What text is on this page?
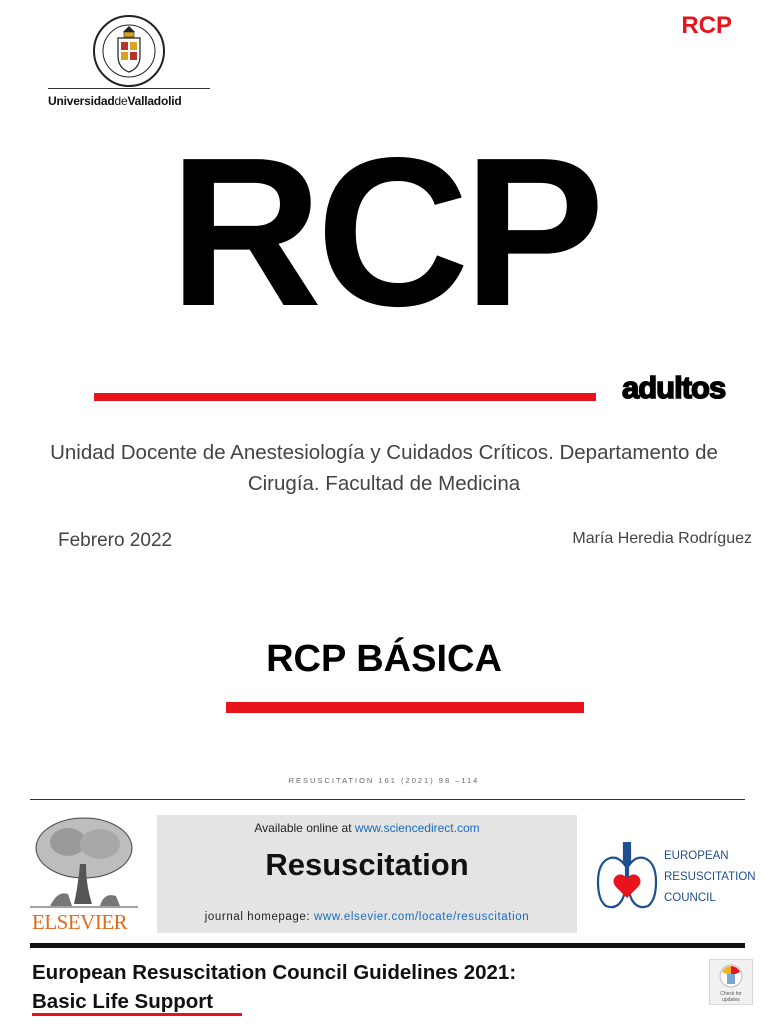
UniversidaddeValladolid
RCP
RCP
adultos
Unidad Docente de Anestesiología y Cuidados Críticos. Departamento de Cirugía. Facultad de Medicina
Febrero 2022	María Heredia Rodríguez
RCP BÁSICA
RESUSCITATION 161 (2021) 98 –114
ELSEVIER
Available online at www.sciencedirect.com
Resuscitation
journal homepage: www.elsevier.com/locate/resuscitation
EUROPEAN
RESUSCITATION
COUNCIL
European Resuscitation Council Guidelines 2021:
Basic Life Support	Check for
updates
